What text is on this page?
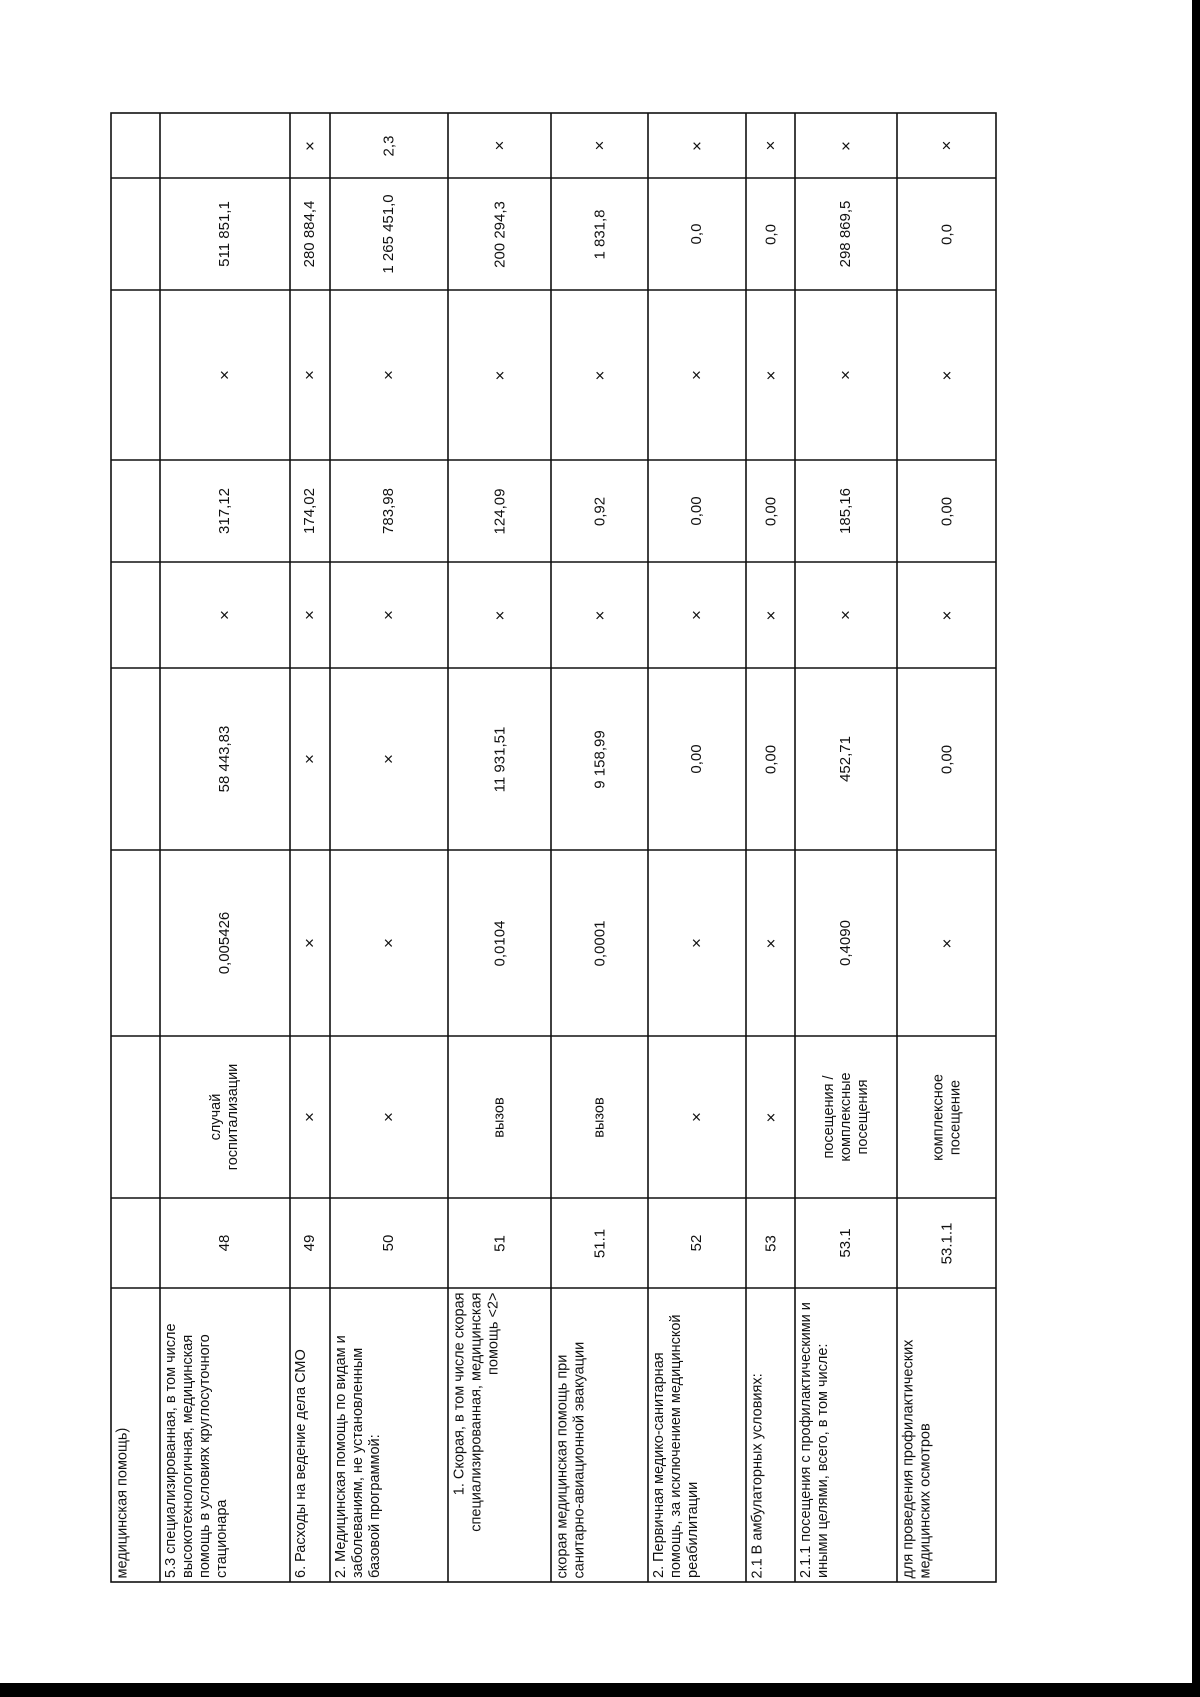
медицинская помощь) 5.3 специализированная, в том числе высокотехнологичная, медицинская помощь в условиях круглосуточного стационара
48
случай госпитализации
0,005426
58 443,83
×
317,12
×
511 851,1
6. Расходы на ведение дела СМО
49
×
×
×
×
174,02
×
280 884,4
×
2. Медицинская помощь по видам и заболеваниям, не установленным базовой программой:
50
×
×
×
×
783,98
×
1 265 451,0
2,3
1. Скорая, в том числе скорая специализированная, медицинская помощь <2>
51
вызов
0,0104
11 931,51
×
124,09
×
200 294,3
×
скорая медицинская помощь при санитарно-авиационной эвакуации
51.1
вызов
0,0001
9 158,99
×
0,92
×
1 831,8
×
2. Первичная медико-санитарная помощь, за исключением медицинской реабилитации
52
×
×
0,00
×
0,00
×
0,0
×
2.1 В амбулаторных условиях:
53
×
×
0,00
×
0,00
×
0,0
×
2.1.1 посещения с профилактическими и иными целями, всего, в том числе:
53.1
посещения / комплексные посещения
0,4090
452,71
×
185,16
×
298 869,5
×
для проведения профилактических медицинских осмотров
53.1.1
комплексное посещение
×
0,00
×
0,00
×
0,0
×
